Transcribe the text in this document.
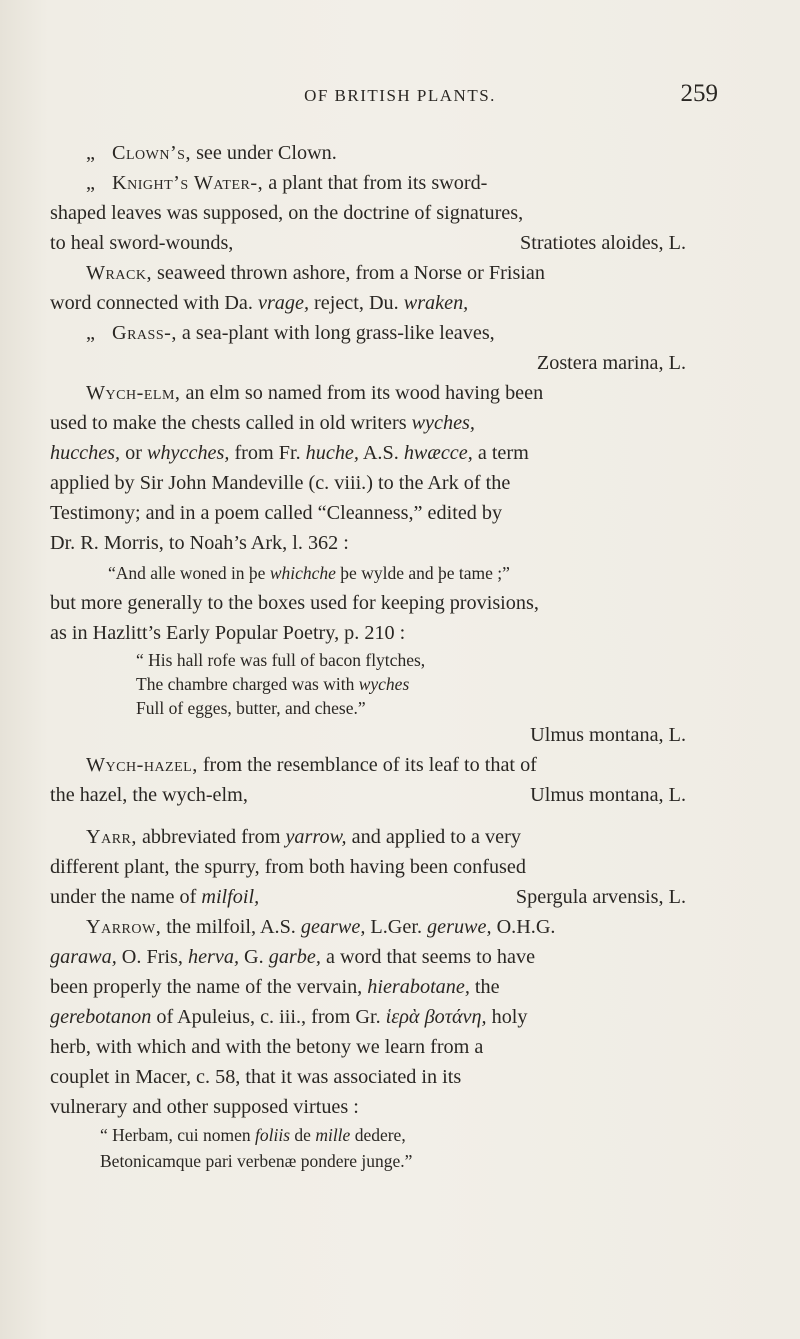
OF BRITISH PLANTS.	259
„ Clown’s, see under Clown.
„ Knight’s Water-, a plant that from its sword-
shaped leaves was supposed, on the doctrine of signatures,
to heal sword-wounds,	Stratiotes aloides, L.
Wrack, seaweed thrown ashore, from a Norse or Frisian
word connected with Da. vrage, reject, Du. wraken,
„ Grass-, a sea-plant with long grass-like leaves,
Zostera marina, L.
Wych-elm, an elm so named from its wood having been
used to make the chests called in old writers wyches,
hucches, or whycches, from Fr. huche, A.S. hwæcce, a term
applied by Sir John Mandeville (c. viii.) to the Ark of the
Testimony; and in a poem called “Cleanness,” edited by
Dr. R. Morris, to Noah’s Ark, l. 362 :
“And alle woned in þe whichche þe wylde and þe tame ;”
but more generally to the boxes used for keeping provisions,
as in Hazlitt’s Early Popular Poetry, p. 210 :
“ His hall rofe was full of bacon flytches,
The chambre charged was with wyches
Full of egges, butter, and chese.”
Ulmus montana, L.
Wych-hazel, from the resemblance of its leaf to that of
the hazel, the wych-elm,	Ulmus montana, L.
Yarr, abbreviated from yarrow, and applied to a very
different plant, the spurry, from both having been confused
under the name of milfoil,	Spergula arvensis, L.
Yarrow, the milfoil, A.S. gearwe, L.Ger. geruwe, O.H.G.
garawa, O. Fris, herva, G. garbe, a word that seems to have
been properly the name of the vervain, hierabotane, the
gerebotanon of Apuleius, c. iii., from Gr. ἱερὰ βοτάνη, holy
herb, with which and with the betony we learn from a
couplet in Macer, c. 58, that it was associated in its
vulnerary and other supposed virtues :
“ Herbam, cui nomen foliis de mille dedere,
Betonicamque pari verbenæ pondere junge.”
